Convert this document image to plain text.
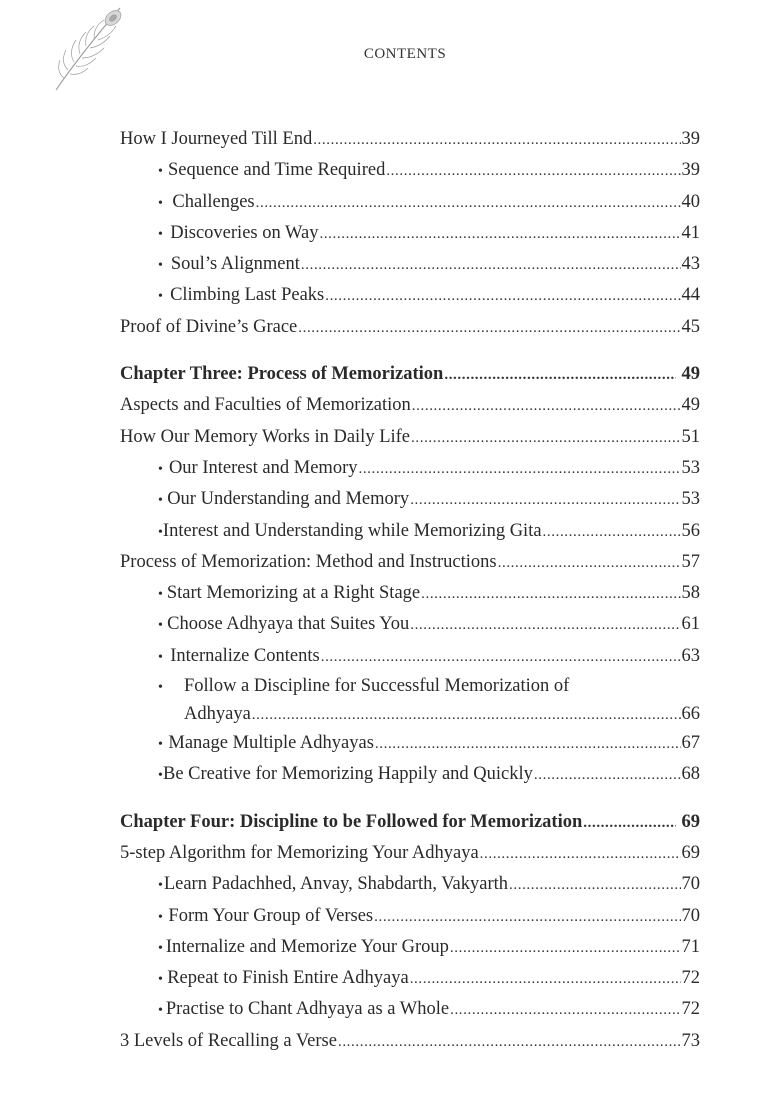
CONTENTS
How I Journeyed Till End .....	39
• Sequence and Time Required .....	39
• Challenges .....	40
• Discoveries on Way .....	41
• Soul’s Alignment .....	43
• Climbing Last Peaks .....	44
Proof of Divine’s Grace .....	45
Chapter Three: Process of Memorization .....	49
Aspects and Faculties of Memorization .....	49
How Our Memory Works in Daily Life .....	51
• Our Interest and Memory .....	53
• Our Understanding and Memory .....	53
• Interest and Understanding while Memorizing Gita .....	56
Process of Memorization: Method and Instructions .....	57
• Start Memorizing at a Right Stage .....	58
• Choose Adhyaya that Suites You .....	61
• Internalize Contents .....	63
• Follow a Discipline for Successful Memorization of
Adhyaya .....	66
• Manage Multiple Adhyayas .....	67
• Be Creative for Memorizing Happily and Quickly .....	68
Chapter Four: Discipline to be Followed for Memorization .....	69
5-step Algorithm for Memorizing Your Adhyaya .....	69
• Learn Padachhed, Anvay, Shabdarth, Vakyarth .....	70
• Form Your Group of Verses .....	70
• Internalize and Memorize Your Group .....	71
• Repeat to Finish Entire Adhyaya .....	72
• Practise to Chant Adhyaya as a Whole .....	72
3 Levels of Recalling a Verse .....	73
